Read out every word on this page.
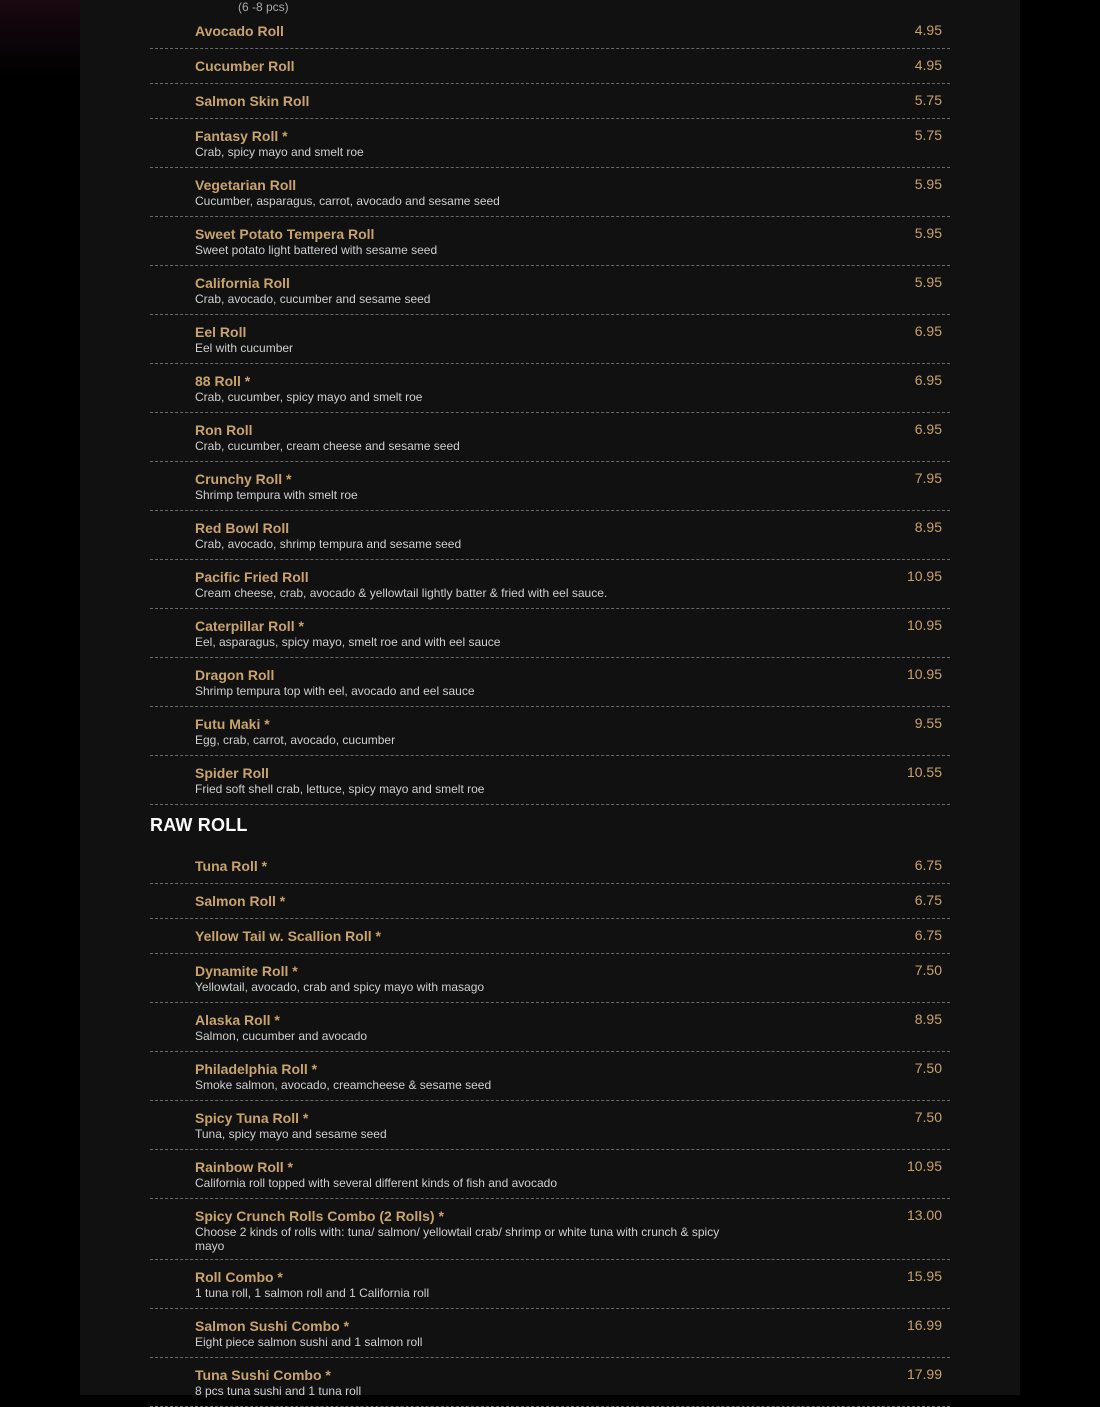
(6 -8 pcs)
Avocado Roll	4.95
Cucumber Roll	4.95
Salmon Skin Roll	5.75
Fantasy Roll *
Crab, spicy mayo and smelt roe
5.75
Vegetarian Roll
Cucumber, asparagus, carrot, avocado and sesame seed
5.95
Sweet Potato Tempera Roll
Sweet potato light battered with sesame seed
5.95
California Roll
Crab, avocado, cucumber and sesame seed
5.95
Eel Roll
Eel with cucumber
6.95
88 Roll *
Crab, cucumber, spicy mayo and smelt roe
6.95
Ron Roll
Crab, cucumber, cream cheese and sesame seed
6.95
Crunchy Roll *
Shrimp tempura with smelt roe
7.95
Red Bowl Roll
Crab, avocado, shrimp tempura and sesame seed
8.95
Pacific Fried Roll
Cream cheese, crab, avocado & yellowtail lightly batter & fried with eel sauce.
10.95
Caterpillar Roll *
Eel, asparagus, spicy mayo, smelt roe and with eel sauce
10.95
Dragon Roll
Shrimp tempura top with eel, avocado and eel sauce
10.95
Futu Maki *
Egg, crab, carrot, avocado, cucumber
9.55
Spider Roll
Fried soft shell crab, lettuce, spicy mayo and smelt roe
10.55
RAW ROLL
Tuna Roll *	6.75
Salmon Roll *	6.75
Yellow Tail w. Scallion Roll *	6.75
Dynamite Roll *
Yellowtail, avocado, crab and spicy mayo with masago
7.50
Alaska Roll *
Salmon, cucumber and avocado
8.95
Philadelphia Roll *
Smoke salmon, avocado, creamcheese & sesame seed
7.50
Spicy Tuna Roll *
Tuna, spicy mayo and sesame seed
7.50
Rainbow Roll *
California roll topped with several different kinds of fish and avocado
10.95
Spicy Crunch Rolls Combo (2 Rolls) *
Choose 2 kinds of rolls with: tuna/ salmon/ yellowtail crab/ shrimp or white tuna with crunch & spicy mayo
13.00
Roll Combo *
1 tuna roll, 1 salmon roll and 1 California roll
15.95
Salmon Sushi Combo *
Eight piece salmon sushi and 1 salmon roll
16.99
Tuna Sushi Combo *
8 pcs tuna sushi and 1 tuna roll
17.99
